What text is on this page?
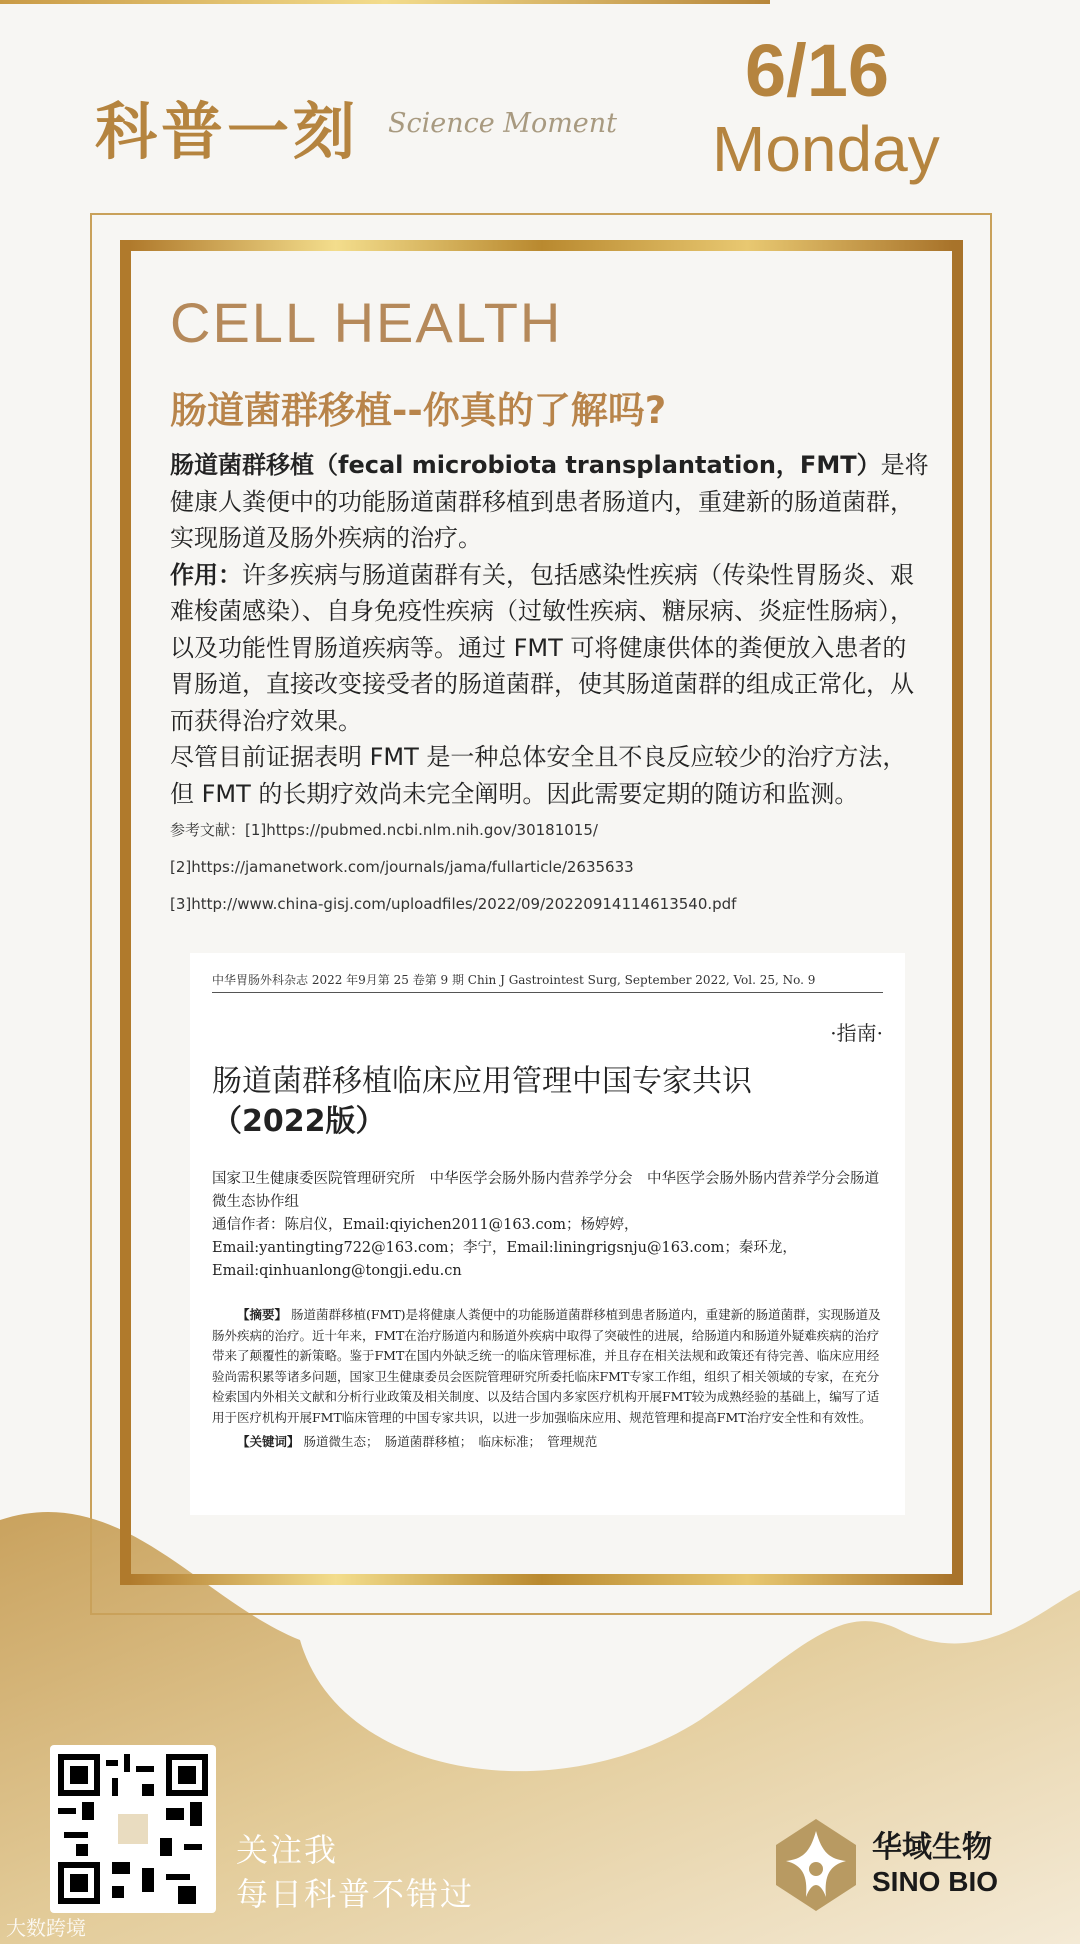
科普一刻 Science Moment
6/16
Monday
CELL HEALTH
肠道菌群移植--你真的了解吗?

肠道菌群移植（fecal microbiota transplantation，FMT）是将健康人粪便中的功能肠道菌群移植到患者肠道内，重建新的肠道菌群，实现肠道及肠外疾病的治疗。

作用：许多疾病与肠道菌群有关，包括感染性疾病（传染性胃肠炎、艰难梭菌感染）、自身免疫性疾病（过敏性疾病、糖尿病、炎症性肠病），以及功能性胃肠道疾病等。通过 FMT 可将健康供体的粪便放入患者的胃肠道，直接改变接受者的肠道菌群，使其肠道菌群的组成正常化，从而获得治疗效果。

尽管目前证据表明 FMT 是一种总体安全且不良反应较少的治疗方法，但 FMT 的长期疗效尚未完全阐明。因此需要定期的随访和监测。

参考文献：[1]https://pubmed.ncbi.nlm.nih.gov/30181015/
[2]https://jamanetwork.com/journals/jama/fullarticle/2635633
[3]http://www.china-gisj.com/uploadfiles/2022/09/20220914114613540.pdf
中华胃肠外科杂志 2022 年9月第 25 卷第 9 期 Chin J Gastrointest Surg, September 2022, Vol. 25, No. 9
·指南·
肠道菌群移植临床应用管理中国专家共识
（2022版）
国家卫生健康委医院管理研究所　中华医学会肠外肠内营养学分会　中华医学会肠外肠内营养学分会肠道微生态协作组
通信作者：陈启仪，Email:qiyichen2011@163.com；杨婷婷，Email:yantingting722@163.com；李宁，Email:liningrigsnju@163.com；秦环龙，Email:qinhuanlong@tongji.edu.cn
【摘要】 肠道菌群移植(FMT)是将健康人粪便中的功能肠道菌群移植到患者肠道内，重建新的肠道菌群，实现肠道及肠外疾病的治疗。近十年来，FMT在治疗肠道内和肠道外疾病中取得了突破性的进展，给肠道内和肠道外疑难疾病的治疗带来了颠覆性的新策略。鉴于FMT在国内外缺乏统一的临床管理标准，并且存在相关法规和政策还有待完善、临床应用经验尚需积累等诸多问题，国家卫生健康委员会医院管理研究所委托临床FMT专家工作组，组织了相关领域的专家，在充分检索国内外相关文献和分析行业政策及相关制度、以及结合国内多家医疗机构开展FMT较为成熟经验的基础上，编写了适用于医疗机构开展FMT临床管理的中国专家共识，以进一步加强临床应用、规范管理和提高FMT治疗安全性和有效性。
【关键词】 肠道微生态；　肠道菌群移植；　临床标准；　管理规范
关注我
每日科普不错过
华域生物
SINO BIO
大数跨境
